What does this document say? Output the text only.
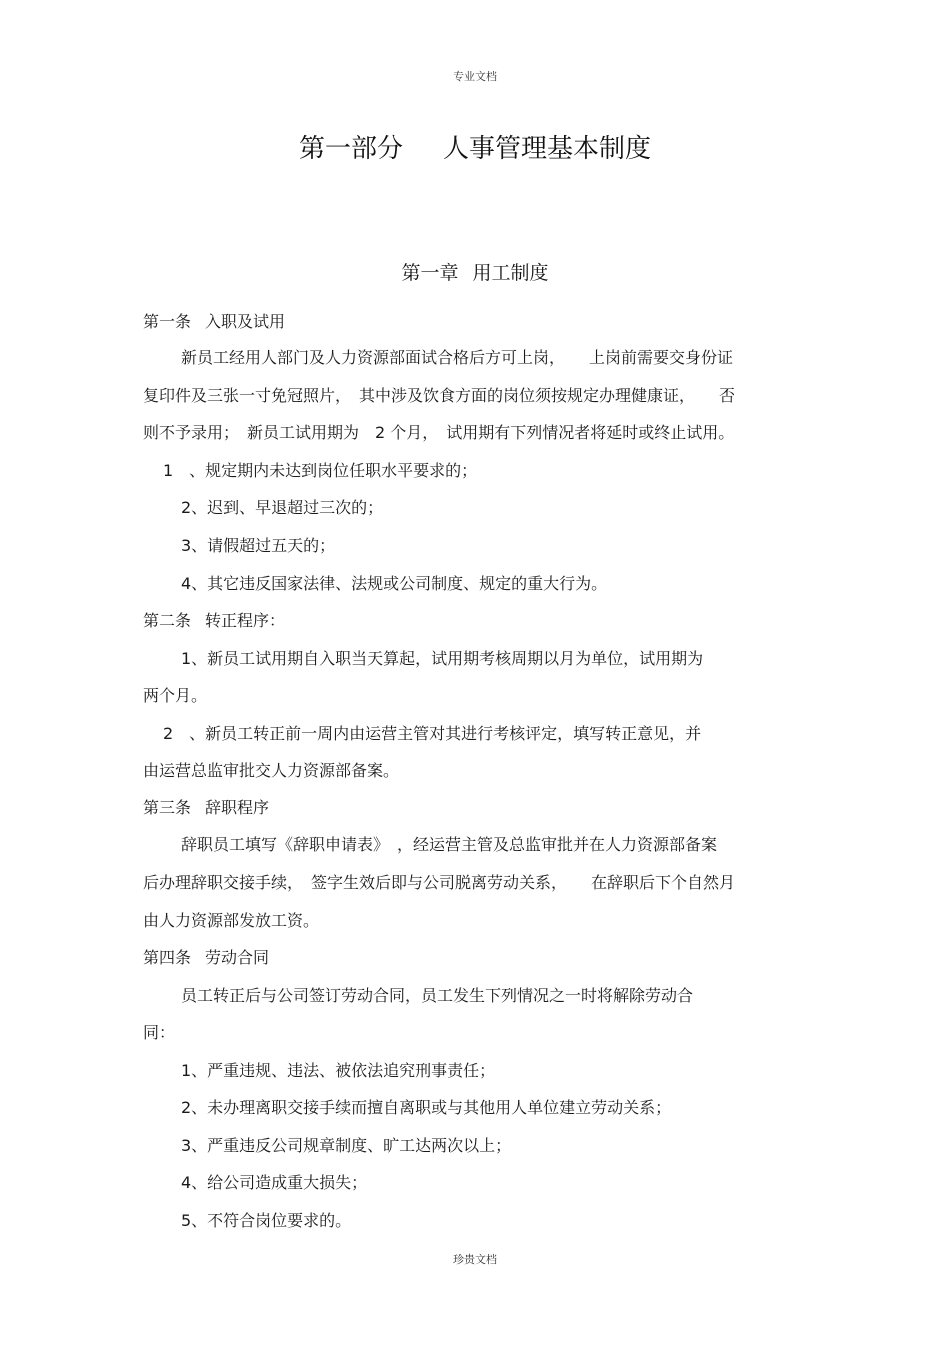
专业文档
第一部分 人事管理基本制度
第一章 用工制度
第一条 入职及试用
新员工经用人部门及人力资源部面试合格后方可上岗，　　上岗前需要交身份证
复印件及三张一寸免冠照片，　其中涉及饮食方面的岗位须按规定办理健康证，　　否
则不予录用；　新员工试用期为　2 个月，　试用期有下列情况者将延时或终止试用。
1　、规定期内未达到岗位任职水平要求的；
2、迟到、早退超过三次的；
3、请假超过五天的；
4、其它违反国家法律、法规或公司制度、规定的重大行为。
第二条 转正程序：
1、新员工试用期自入职当天算起，试用期考核周期以月为单位，试用期为
两个月。
2　、新员工转正前一周内由运营主管对其进行考核评定，填写转正意见，并
由运营总监审批交人力资源部备案。
第三条 辞职程序
辞职员工填写《辞职申请表》　，经运营主管及总监审批并在人力资源部备案
后办理辞职交接手续，　签字生效后即与公司脱离劳动关系，　　在辞职后下个自然月
由人力资源部发放工资。
第四条 劳动合同
员工转正后与公司签订劳动合同，员工发生下列情况之一时将解除劳动合
同：
1、严重违规、违法、被依法追究刑事责任；
2、未办理离职交接手续而擅自离职或与其他用人单位建立劳动关系；
3、严重违反公司规章制度、旷工达两次以上；
4、给公司造成重大损失；
5、不符合岗位要求的。
珍贵文档
